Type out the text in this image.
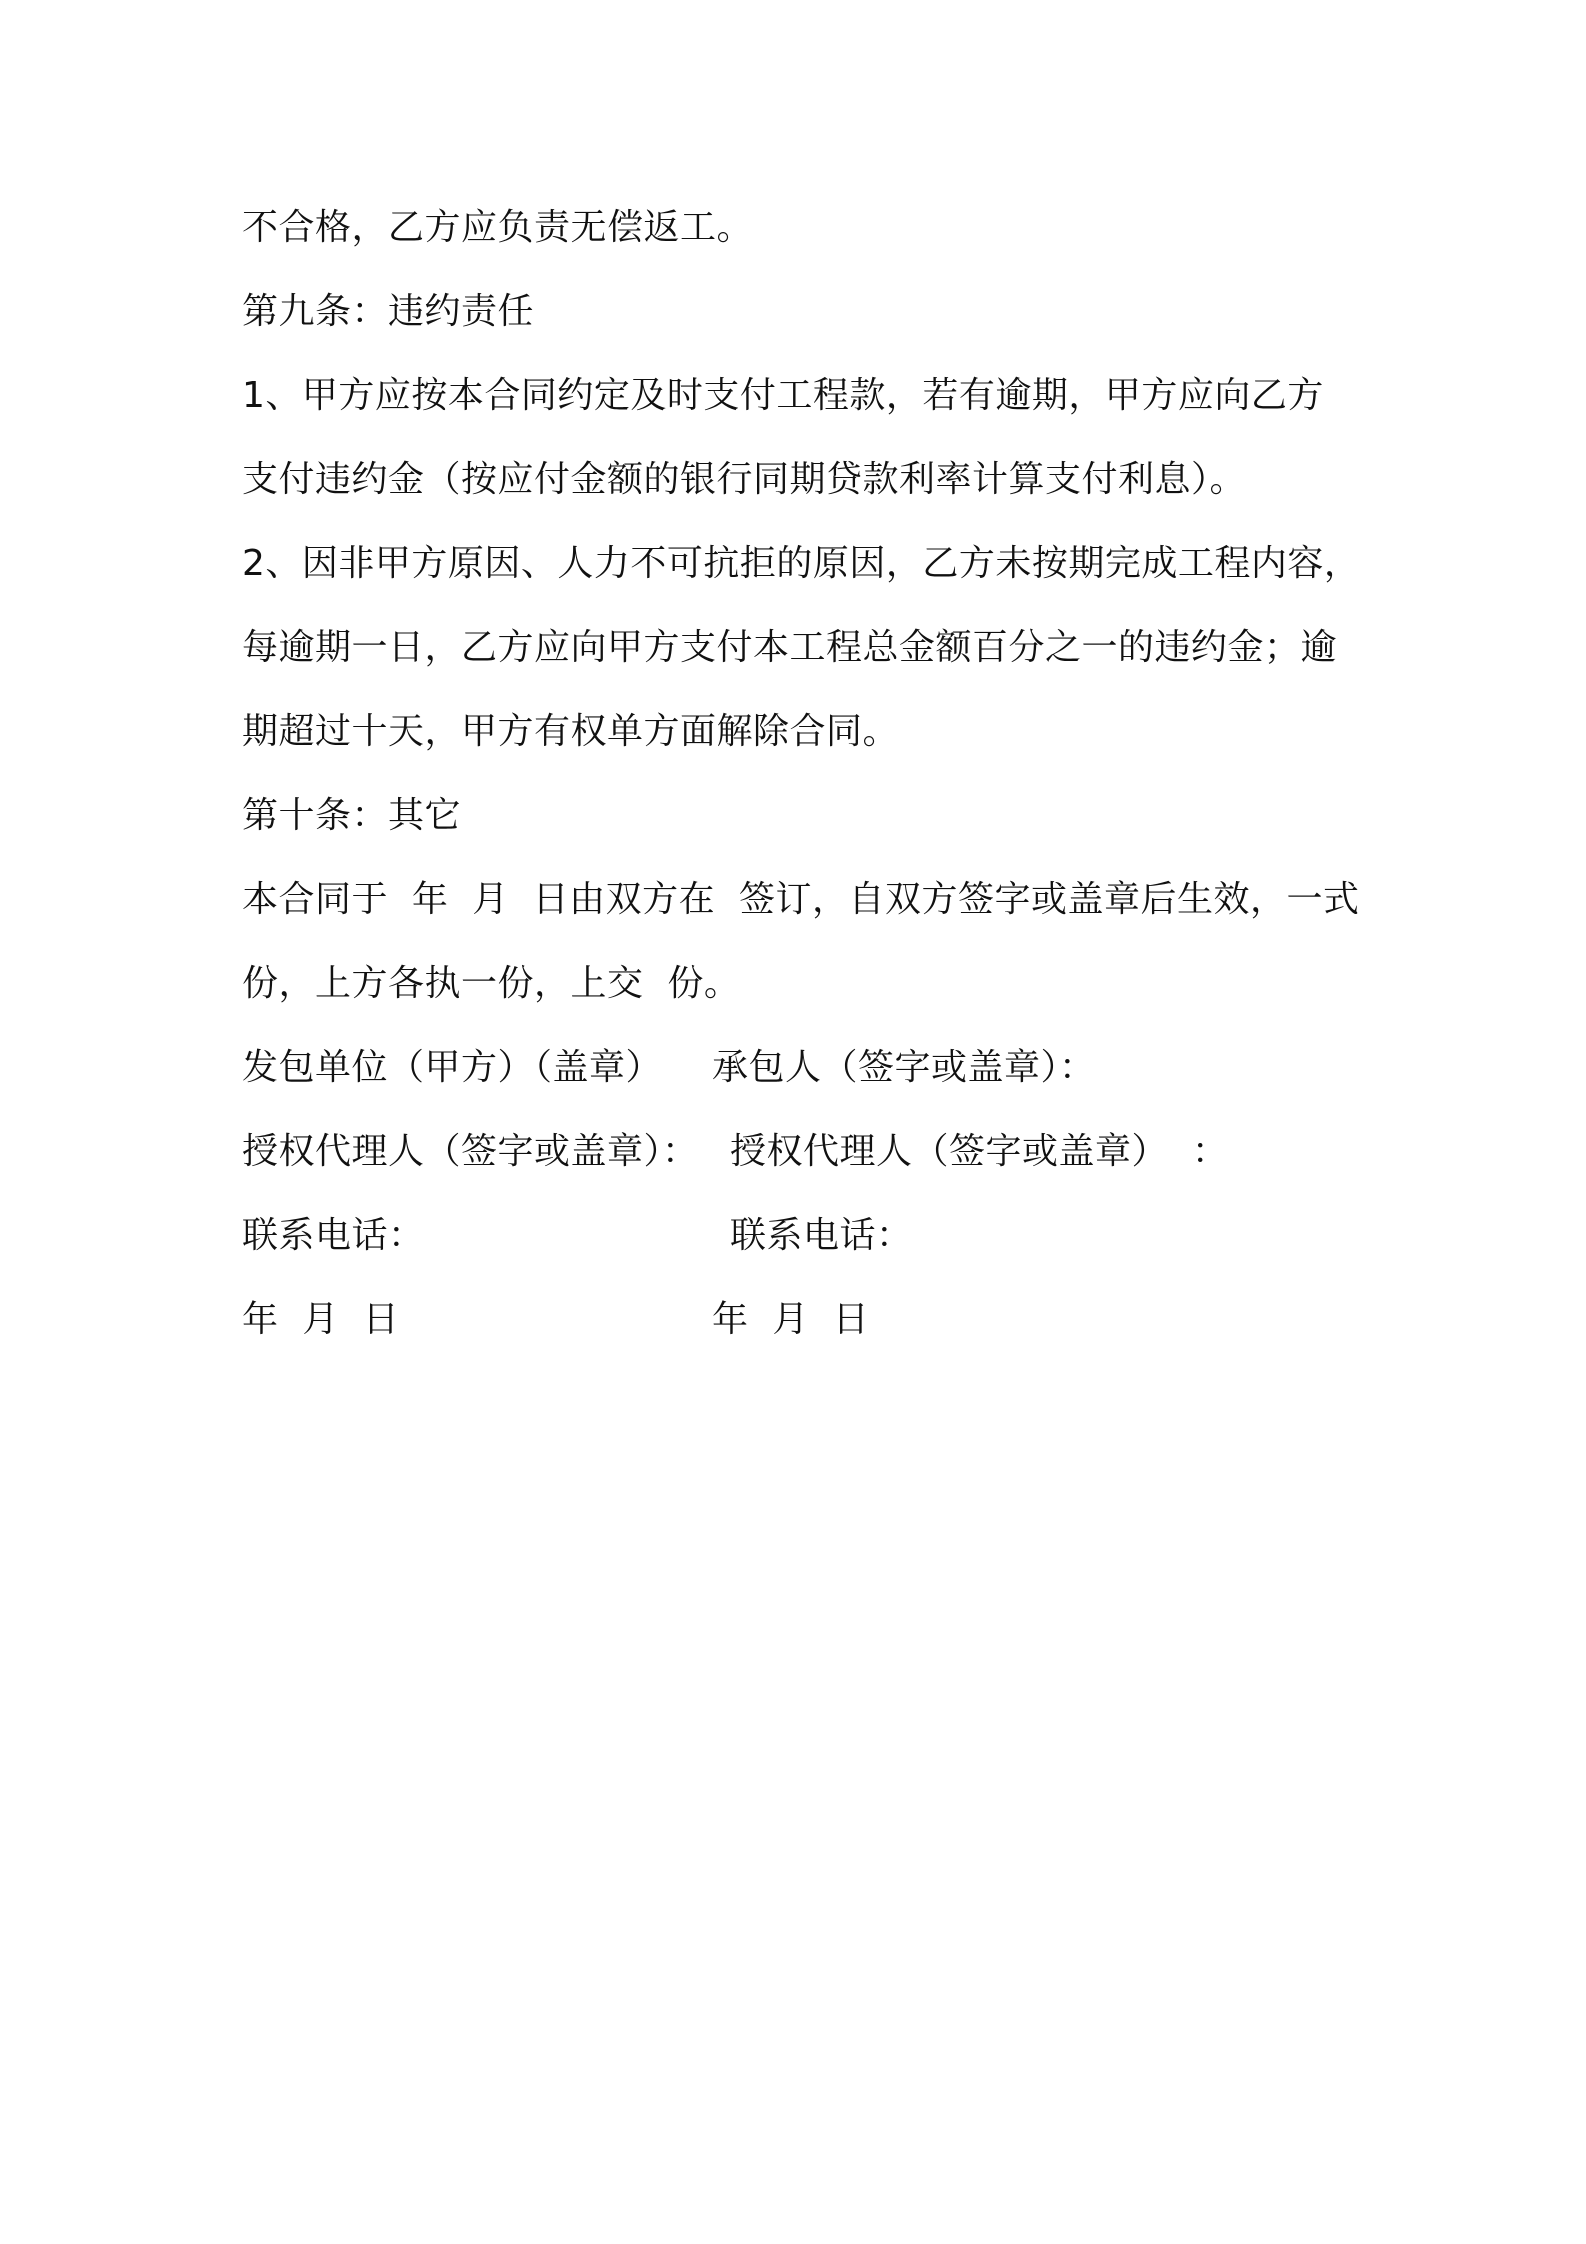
不合格，乙方应负责无偿返工。
第九条：违约责任
1、甲方应按本合同约定及时支付工程款，若有逾期，甲方应向乙方
支付违约金（按应付金额的银行同期贷款利率计算支付利息）。
2、因非甲方原因、人力不可抗拒的原因，乙方未按期完成工程内容，
每逾期一日，乙方应向甲方支付本工程总金额百分之一的违约金；逾
期超过十天，甲方有权单方面解除合同。
第十条：其它
本合同于  年  月  日由双方在  签订，自双方签字或盖章后生效，一式
份，上方各执一份，上交  份。
发包单位（甲方）（盖章） 承包人（签字或盖章）：
授权代理人（签字或盖章）： 授权代理人（签字或盖章）  ：
联系电话：	联系电话：
年  月  日	年  月  日
